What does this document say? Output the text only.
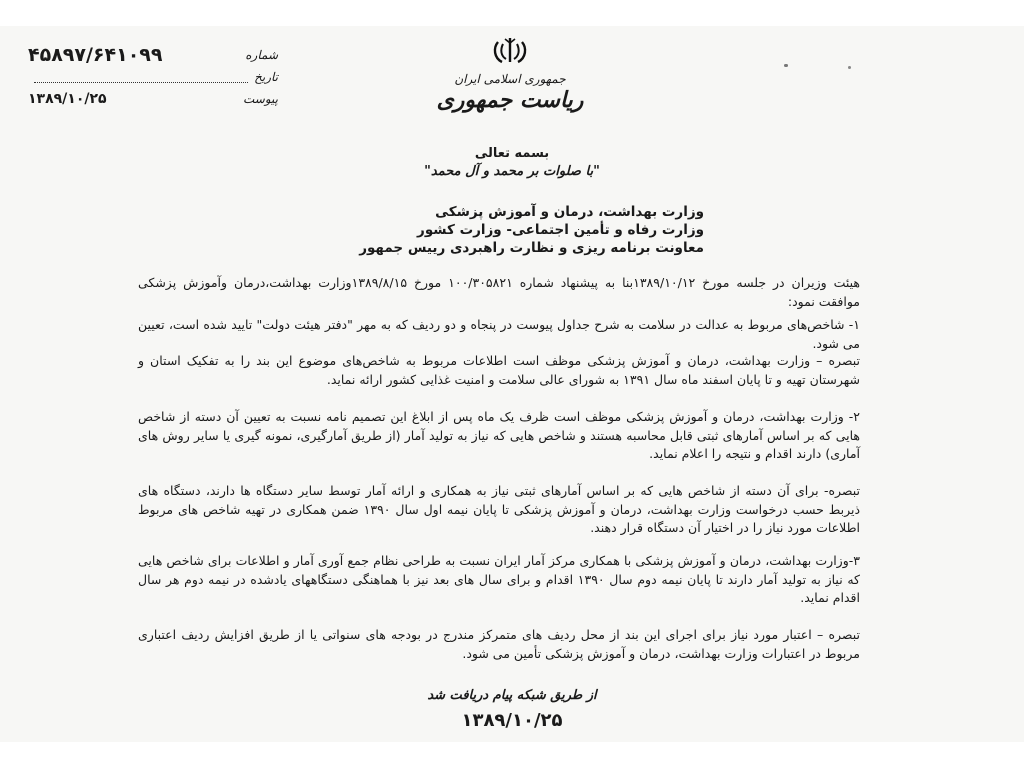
شماره
۴۵۸۹۷/۶۴۱۰۹۹
تاریخ
پیوست
۱۳۸۹/۱۰/۲۵
جمهوری اسلامی ایران
ریاست جمهوری
بسمه تعالی
"با صلوات بر محمد و آل محمد"
وزارت بهداشت، درمان و آموزش پزشکی
وزارت رفاه و تأمین اجتماعی- وزارت کشور
معاونت برنامه ریزی و نظارت راهبردی رییس جمهور

هیئت وزیران در جلسه مورخ ۱۳۸۹/۱۰/۱۲بنا به پیشنهاد شماره ۱۰۰/۳۰۵۸۲۱ مورخ ۱۳۸۹/۸/۱۵وزارت بهداشت،درمان وآموزش پزشکی موافقت نمود:

۱- شاخص‌های مربوط به عدالت در سلامت به شرح جداول پیوست در پنجاه و دو ردیف که به مهر "دفتر هیئت دولت" تایید شده است، تعیین می شود.

تبصره – وزارت بهداشت، درمان و آموزش پزشکی موظف است اطلاعات مربوط به شاخص‌های موضوع این بند را به تفکیک استان و شهرستان تهیه و تا پایان اسفند ماه سال ۱۳۹۱ به شورای عالی سلامت و امنیت غذایی کشور ارائه نماید.

۲- وزارت بهداشت، درمان و آموزش پزشکی موظف است ظرف یک ماه پس از ابلاغ این تصمیم نامه نسبت به تعیین آن دسته از شاخص هایی که بر اساس آمارهای ثبتی قابل محاسبه هستند و شاخص هایی که نیاز به تولید آمار (از طریق آمارگیری، نمونه گیری یا سایر روش های آماری) دارند اقدام و نتیجه را اعلام نماید.

تبصره- برای آن دسته از شاخص هایی که بر اساس آمارهای ثبتی نیاز به همکاری و ارائه آمار توسط سایر دستگاه ها دارند، دستگاه های ذیربط حسب درخواست وزارت بهداشت، درمان و آموزش پزشکی تا پایان نیمه اول سال ۱۳۹۰ ضمن همکاری در تهیه شاخص های مربوط اطلاعات مورد نیاز را در اختیار آن دستگاه قرار دهند.

۳-وزارت بهداشت، درمان و آموزش پزشکی با همکاری مرکز آمار ایران نسبت به طراحی نظام جمع آوری آمار و اطلاعات برای شاخص هایی که نیاز به تولید آمار دارند تا پایان نیمه دوم سال ۱۳۹۰ اقدام و برای سال های بعد نیز با هماهنگی دستگاههای یادشده در نیمه دوم هر سال اقدام نماید.

تبصره – اعتبار مورد نیاز برای اجرای این بند از محل ردیف های متمرکز مندرج در بودجه های سنواتی یا از طریق افزایش ردیف اعتباری مربوط در اعتبارات وزارت بهداشت، درمان و آموزش پزشکی تأمین می شود.

از طریق شبکه پیام دریافت شد
۱۳۸۹/۱۰/۲۵
